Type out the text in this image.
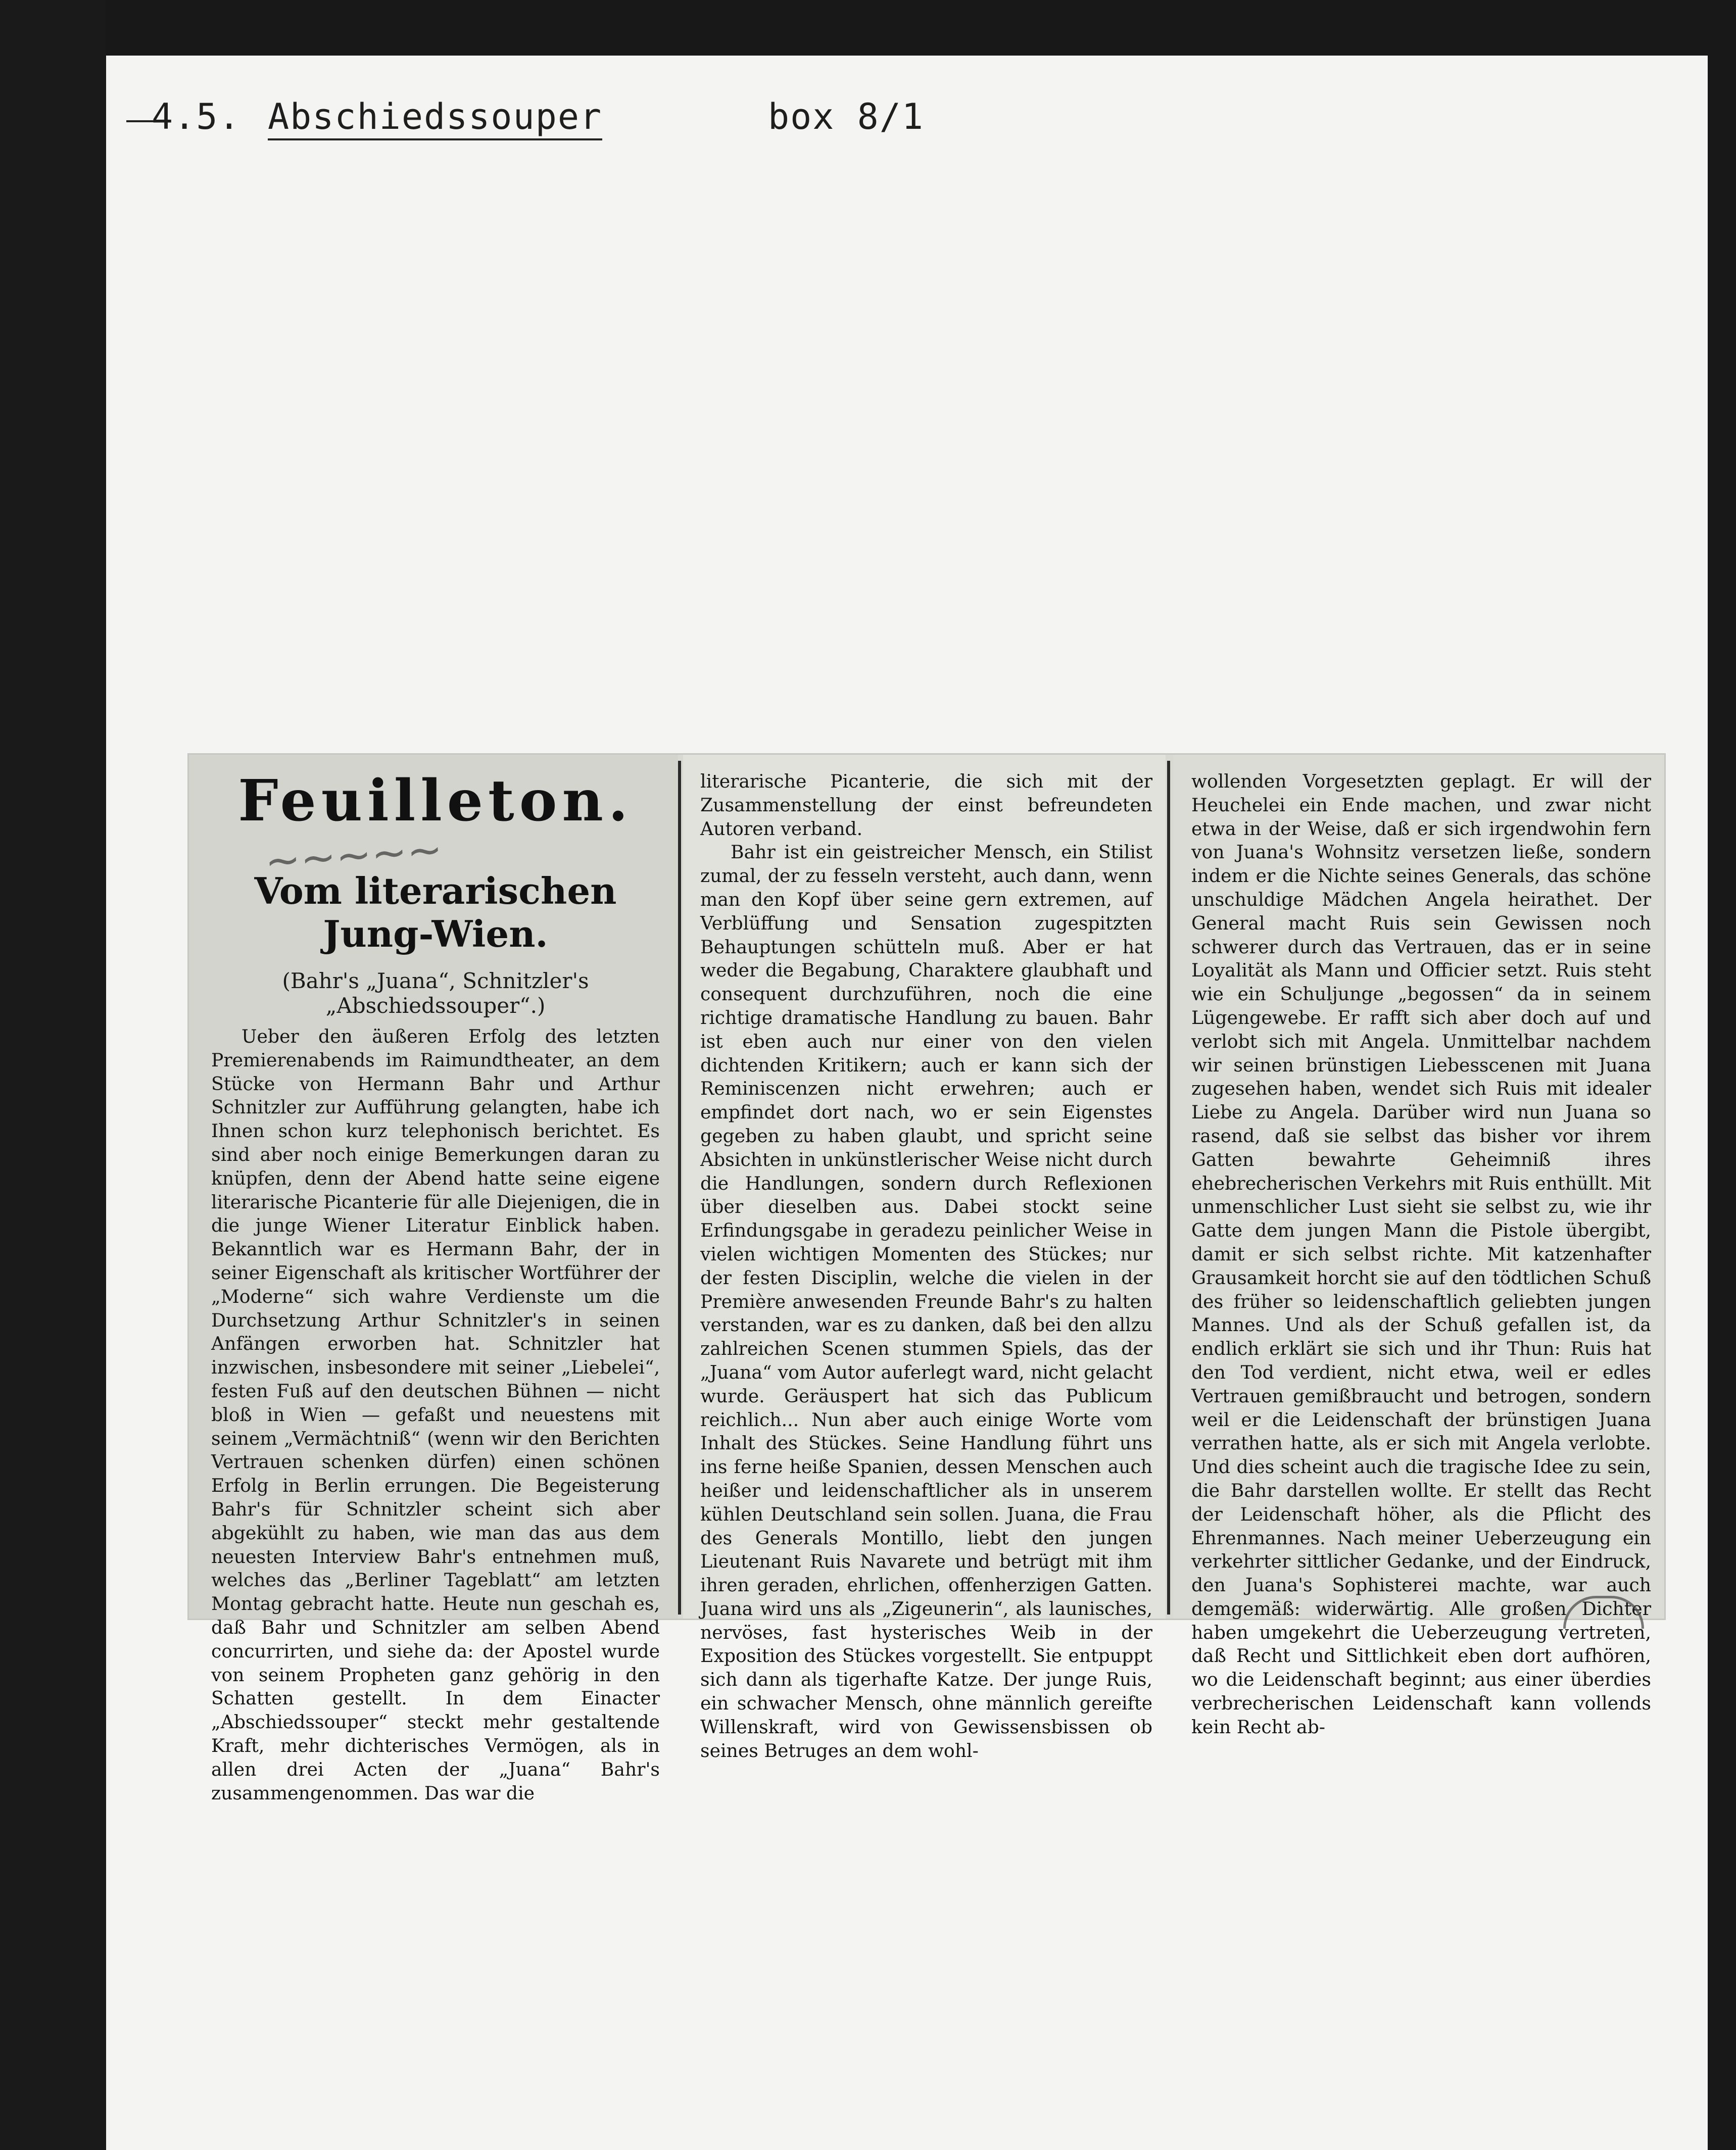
4.5.

Abschiedssouper

	box 8/1

Feuilleton.
~~~~~
Vom literarischen Jung-Wien.
(Bahr's „Juana“, Schnitzler's „Abschiedssouper“.)
Ueber den äußeren Erfolg des letzten Premierenabends im Raimundtheater, an dem Stücke von Hermann Bahr und Arthur Schnitzler zur Aufführung gelangten, habe ich Ihnen schon kurz telephonisch berichtet. Es sind aber noch einige Bemerkungen daran zu knüpfen, denn der Abend hatte seine eigene literarische Picanterie für alle Diejenigen, die in die junge Wiener Literatur Einblick haben. Bekanntlich war es Hermann Bahr, der in seiner Eigenschaft als kritischer Wortführer der „Moderne“ sich wahre Verdienste um die Durchsetzung Arthur Schnitzler's in seinen Anfängen erworben hat. Schnitzler hat inzwischen, insbesondere mit seiner „Liebelei“, festen Fuß auf den deutschen Bühnen — nicht bloß in Wien — gefaßt und neuestens mit seinem „Vermächtniß“ (wenn wir den Berichten Vertrauen schenken dürfen) einen schönen Erfolg in Berlin errungen. Die Begeisterung Bahr's für Schnitzler scheint sich aber abgekühlt zu haben, wie man das aus dem neuesten Interview Bahr's entnehmen muß, welches das „Berliner Tageblatt“ am letzten Montag gebracht hatte. Heute nun geschah es, daß Bahr und Schnitzler am selben Abend concurrirten, und siehe da: der Apostel wurde von seinem Propheten ganz gehörig in den Schatten gestellt. In dem Einacter „Abschiedssouper“ steckt mehr gestaltende Kraft, mehr dichterisches Vermögen, als in allen drei Acten der „Juana“ Bahr's zusammengenommen. Das war die
literarische Picanterie, die sich mit der Zusammenstellung der einst befreundeten Autoren verband.
Bahr ist ein geistreicher Mensch, ein Stilist zumal, der zu fesseln versteht, auch dann, wenn man den Kopf über seine gern extremen, auf Verblüffung und Sensation zugespitzten Behauptungen schütteln muß. Aber er hat weder die Begabung, Charaktere glaubhaft und consequent durchzuführen, noch die eine richtige dramatische Handlung zu bauen. Bahr ist eben auch nur einer von den vielen dichtenden Kritikern; auch er kann sich der Reminiscenzen nicht erwehren; auch er empfindet dort nach, wo er sein Eigenstes gegeben zu haben glaubt, und spricht seine Absichten in unkünstlerischer Weise nicht durch die Handlungen, sondern durch Reflexionen über dieselben aus. Dabei stockt seine Erfindungsgabe in geradezu peinlicher Weise in vielen wichtigen Momenten des Stückes; nur der festen Disciplin, welche die vielen in der Première anwesenden Freunde Bahr's zu halten verstanden, war es zu danken, daß bei den allzu zahlreichen Scenen stummen Spiels, das der „Juana“ vom Autor auferlegt ward, nicht gelacht wurde. Geräuspert hat sich das Publicum reichlich... Nun aber auch einige Worte vom Inhalt des Stückes. Seine Handlung führt uns ins ferne heiße Spanien, dessen Menschen auch heißer und leidenschaftlicher als in unserem kühlen Deutschland sein sollen. Juana, die Frau des Generals Montillo, liebt den jungen Lieutenant Ruis Navarete und betrügt mit ihm ihren geraden, ehrlichen, offenherzigen Gatten. Juana wird uns als „Zigeunerin“, als launisches, nervöses, fast hysterisches Weib in der Exposition des Stückes vorgestellt. Sie entpuppt sich dann als tigerhafte Katze. Der junge Ruis, ein schwacher Mensch, ohne männlich gereifte Willenskraft, wird von Gewissensbissen ob seines Betruges an dem wohl-
wollenden Vorgesetzten geplagt. Er will der Heuchelei ein Ende machen, und zwar nicht etwa in der Weise, daß er sich irgendwohin fern von Juana's Wohnsitz versetzen ließe, sondern indem er die Nichte seines Generals, das schöne unschuldige Mädchen Angela heirathet. Der General macht Ruis sein Gewissen noch schwerer durch das Vertrauen, das er in seine Loyalität als Mann und Officier setzt. Ruis steht wie ein Schuljunge „begossen“ da in seinem Lügengewebe. Er rafft sich aber doch auf und verlobt sich mit Angela. Unmittelbar nachdem wir seinen brünstigen Liebesscenen mit Juana zugesehen haben, wendet sich Ruis mit idealer Liebe zu Angela. Darüber wird nun Juana so rasend, daß sie selbst das bisher vor ihrem Gatten bewahrte Geheimniß ihres ehebrecherischen Verkehrs mit Ruis enthüllt. Mit unmenschlicher Lust sieht sie selbst zu, wie ihr Gatte dem jungen Mann die Pistole übergibt, damit er sich selbst richte. Mit katzenhafter Grausamkeit horcht sie auf den tödtlichen Schuß des früher so leidenschaftlich geliebten jungen Mannes. Und als der Schuß gefallen ist, da endlich erklärt sie sich und ihr Thun: Ruis hat den Tod verdient, nicht etwa, weil er edles Vertrauen gemißbraucht und betrogen, sondern weil er die Leidenschaft der brünstigen Juana verrathen hatte, als er sich mit Angela verlobte. Und dies scheint auch die tragische Idee zu sein, die Bahr darstellen wollte. Er stellt das Recht der Leidenschaft höher, als die Pflicht des Ehrenmannes. Nach meiner Ueberzeugung ein verkehrter sittlicher Gedanke, und der Eindruck, den Juana's Sophisterei machte, war auch demgemäß: widerwärtig. Alle großen Dichter haben umgekehrt die Ueberzeugung vertreten, daß Recht und Sittlichkeit eben dort aufhören, wo die Leidenschaft beginnt; aus einer überdies verbrecherischen Leidenschaft kann vollends kein Recht ab-
